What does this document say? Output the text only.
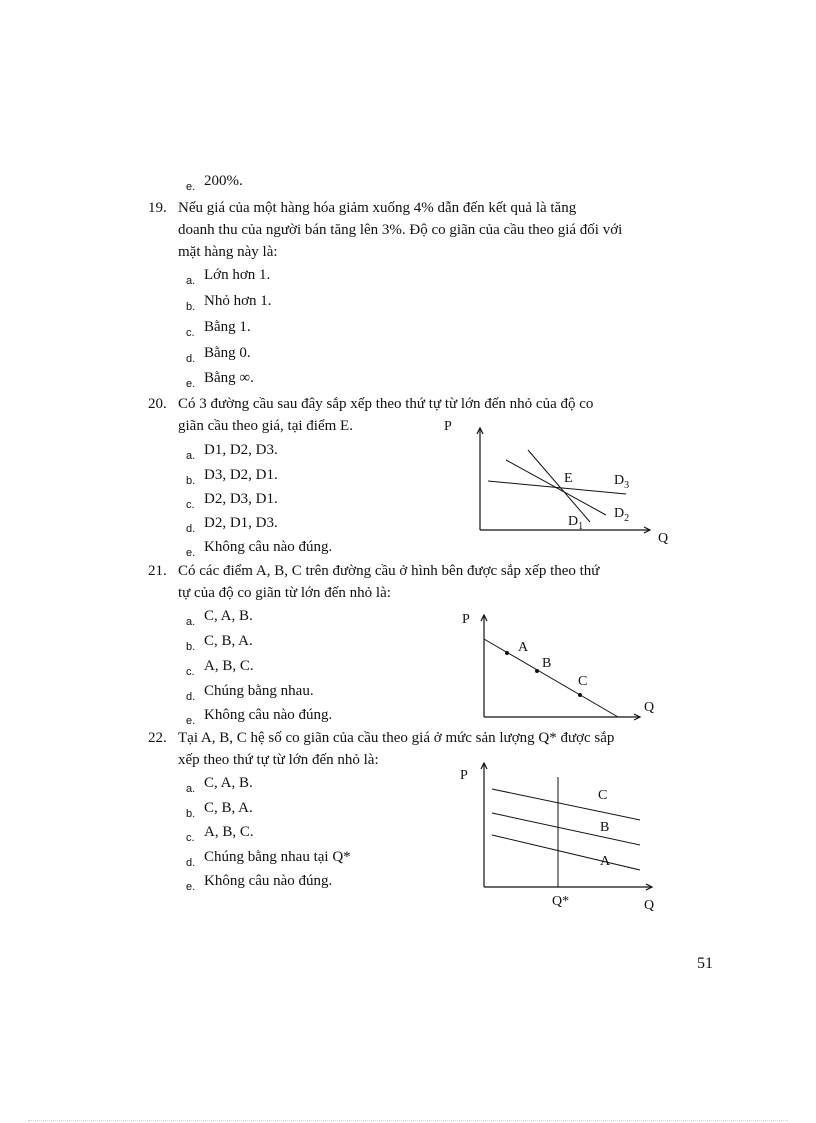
e. 200%.
19. Nếu giá của một hàng hóa giảm xuống 4% dẫn đến kết quả là tăng
doanh thu của người bán tăng lên 3%. Độ co giãn của cầu theo giá đối với
mặt hàng này là:
a. Lớn hơn 1.
b. Nhỏ hơn 1.
c. Bằng 1.
d. Bằng 0.
e. Bằng ∞.
20. Có 3 đường cầu sau đây sắp xếp theo thứ tự từ lớn đến nhỏ của độ co
giãn cầu theo giá, tại điểm E.
a. D1, D2, D3.
b. D3, D2, D1.
c. D2, D3, D1.
d. D2, D1, D3.
e. Không câu nào đúng.
P
Q
E	$D_3$
$D_2$
$D_1$
21. Có các điểm A, B, C trên đường cầu ở hình bên được sắp xếp theo thứ
tự của độ co giãn từ lớn đến nhỏ là:
a. C, A, B.
b. C, B, A.
c. A, B, C.
d. Chúng bằng nhau.
e. Không câu nào đúng.
P
Q
A
B
C
22. Tại A, B, C hệ số co giãn của cầu theo giá ở mức sản lượng Q* được sắp
xếp theo thứ tự từ lớn đến nhỏ là:
a. C, A, B.
b. C, B, A.
c. A, B, C.
d. Chúng bằng nhau tại Q*
e. Không câu nào đúng.
P
Q
C
B
A
Q*
51
